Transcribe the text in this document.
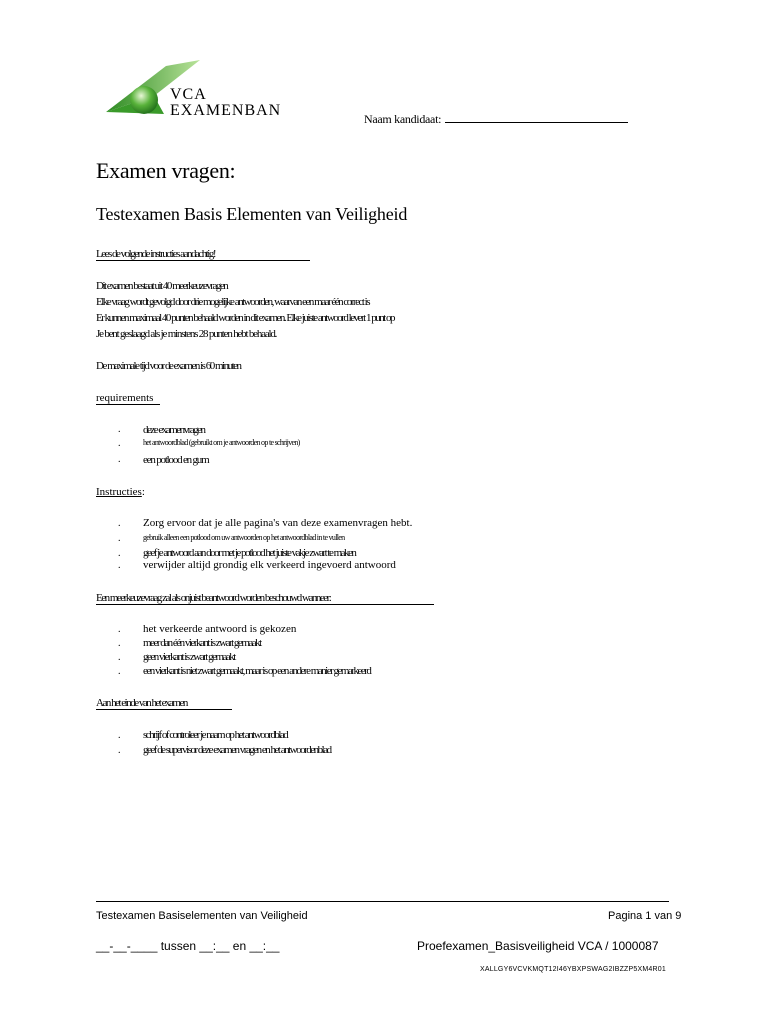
VCA
EXAMENBAN	Naam kandidaat:
Examen vragen:
Testexamen Basis Elementen van Veiligheid
Lees de volgende instructies aandachtig!
Dit examen bestaat uit 40 meerkeuzevragen
Elke vraag wordt gevolgd door drie mogelijke antwoorden, waarvan een maar één correct is
Er kunnen maximaal 40 punten behaald worden in dit examen. Elke juiste antwoord levert 1 punt op
Je bent geslaagd als je minstens 28 punten hebt behaald.
De maximale tijd voor de examen is 60 minuten
requirements
. deze examenvragen
.	het antwoordblad (gebruikt om je antwoorden op te schrijven)
. een potlood en gum
Instructies:
. Zorg ervoor dat je alle pagina's van deze examenvragen hebt.
.	gebruik alleen een potlood om uw antwoorden op het antwoordblad in te vullen
. geef je antwoord aan door met je potlood het juiste vakje zwart te maken
. verwijder altijd grondig elk verkeerd ingevoerd antwoord
Een meerkeuzevraag zal als onjuist beantwoord worden beschouwd wanneer:
. het verkeerde antwoord is gekozen
. meer dan één vierkant is zwart gemaakt
. geen vierkant is zwart gemaakt
. een vierkant is niet zwart gemaakt, maar is op een andere manier gemarkeerd
Aan het einde van het examen
. schrijf of controleer je naam op het antwoordblad
. geef de supervisor deze examen vragen en het antwoordenblad
Testexamen Basiselementen van Veiligheid	Pagina 1 van 9
__-__-____ tussen __:__ en __:__	Proefexamen_Basisveiligheid VCA / 1000087
XALLGY6VCVKMQT12I46YBXPSWAG2IBZZP5XM4R01
